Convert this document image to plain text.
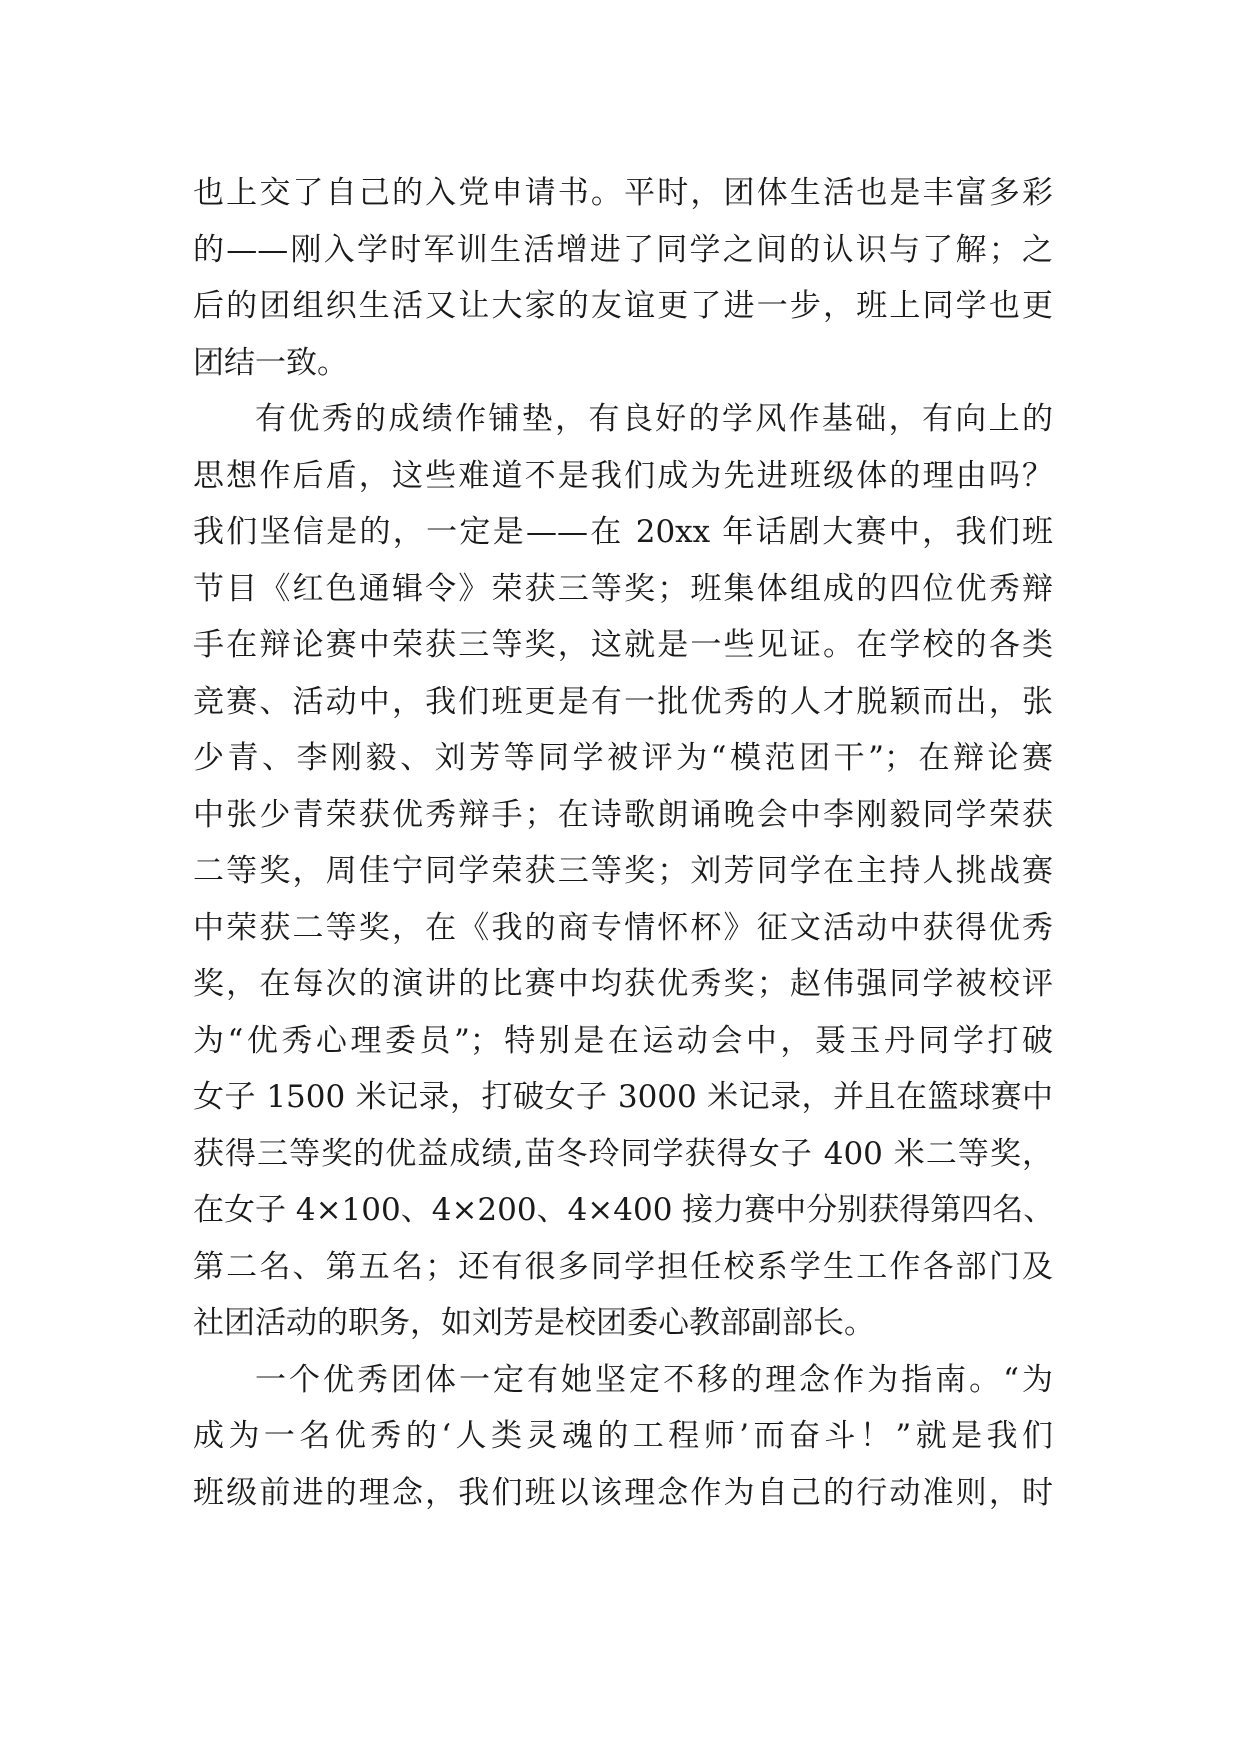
也上交了自己的入党申请书。平时，团体生活也是丰富多彩
的——刚入学时军训生活增进了同学之间的认识与了解；之
后的团组织生活又让大家的友谊更了进一步，班上同学也更
团结一致。
有优秀的成绩作铺垫，有良好的学风作基础，有向上的
思想作后盾，这些难道不是我们成为先进班级体的理由吗？
我们坚信是的，一定是——在 20xx 年话剧大赛中，我们班
节目《红色通辑令》荣获三等奖；班集体组成的四位优秀辩
手在辩论赛中荣获三等奖，这就是一些见证。在学校的各类
竞赛、活动中，我们班更是有一批优秀的人才脱颖而出，张
少青、李刚毅、刘芳等同学被评为“模范团干”；在辩论赛
中张少青荣获优秀辩手；在诗歌朗诵晚会中李刚毅同学荣获
二等奖，周佳宁同学荣获三等奖；刘芳同学在主持人挑战赛
中荣获二等奖，在《我的商专情怀杯》征文活动中获得优秀
奖，在每次的演讲的比赛中均获优秀奖；赵伟强同学被校评
为“优秀心理委员”；特别是在运动会中，聂玉丹同学打破
女子 1500 米记录，打破女子 3000 米记录，并且在篮球赛中
获得三等奖的优益成绩,苗冬玲同学获得女子 400 米二等奖，
在女子 4×100、4×200、4×400 接力赛中分别获得第四名、
第二名、第五名；还有很多同学担任校系学生工作各部门及
社团活动的职务，如刘芳是校团委心教部副部长。
一个优秀团体一定有她坚定不移的理念作为指南。“为
成为一名优秀的‘人类灵魂的工程师’而奋斗！”就是我们
班级前进的理念，我们班以该理念作为自己的行动准则，时
